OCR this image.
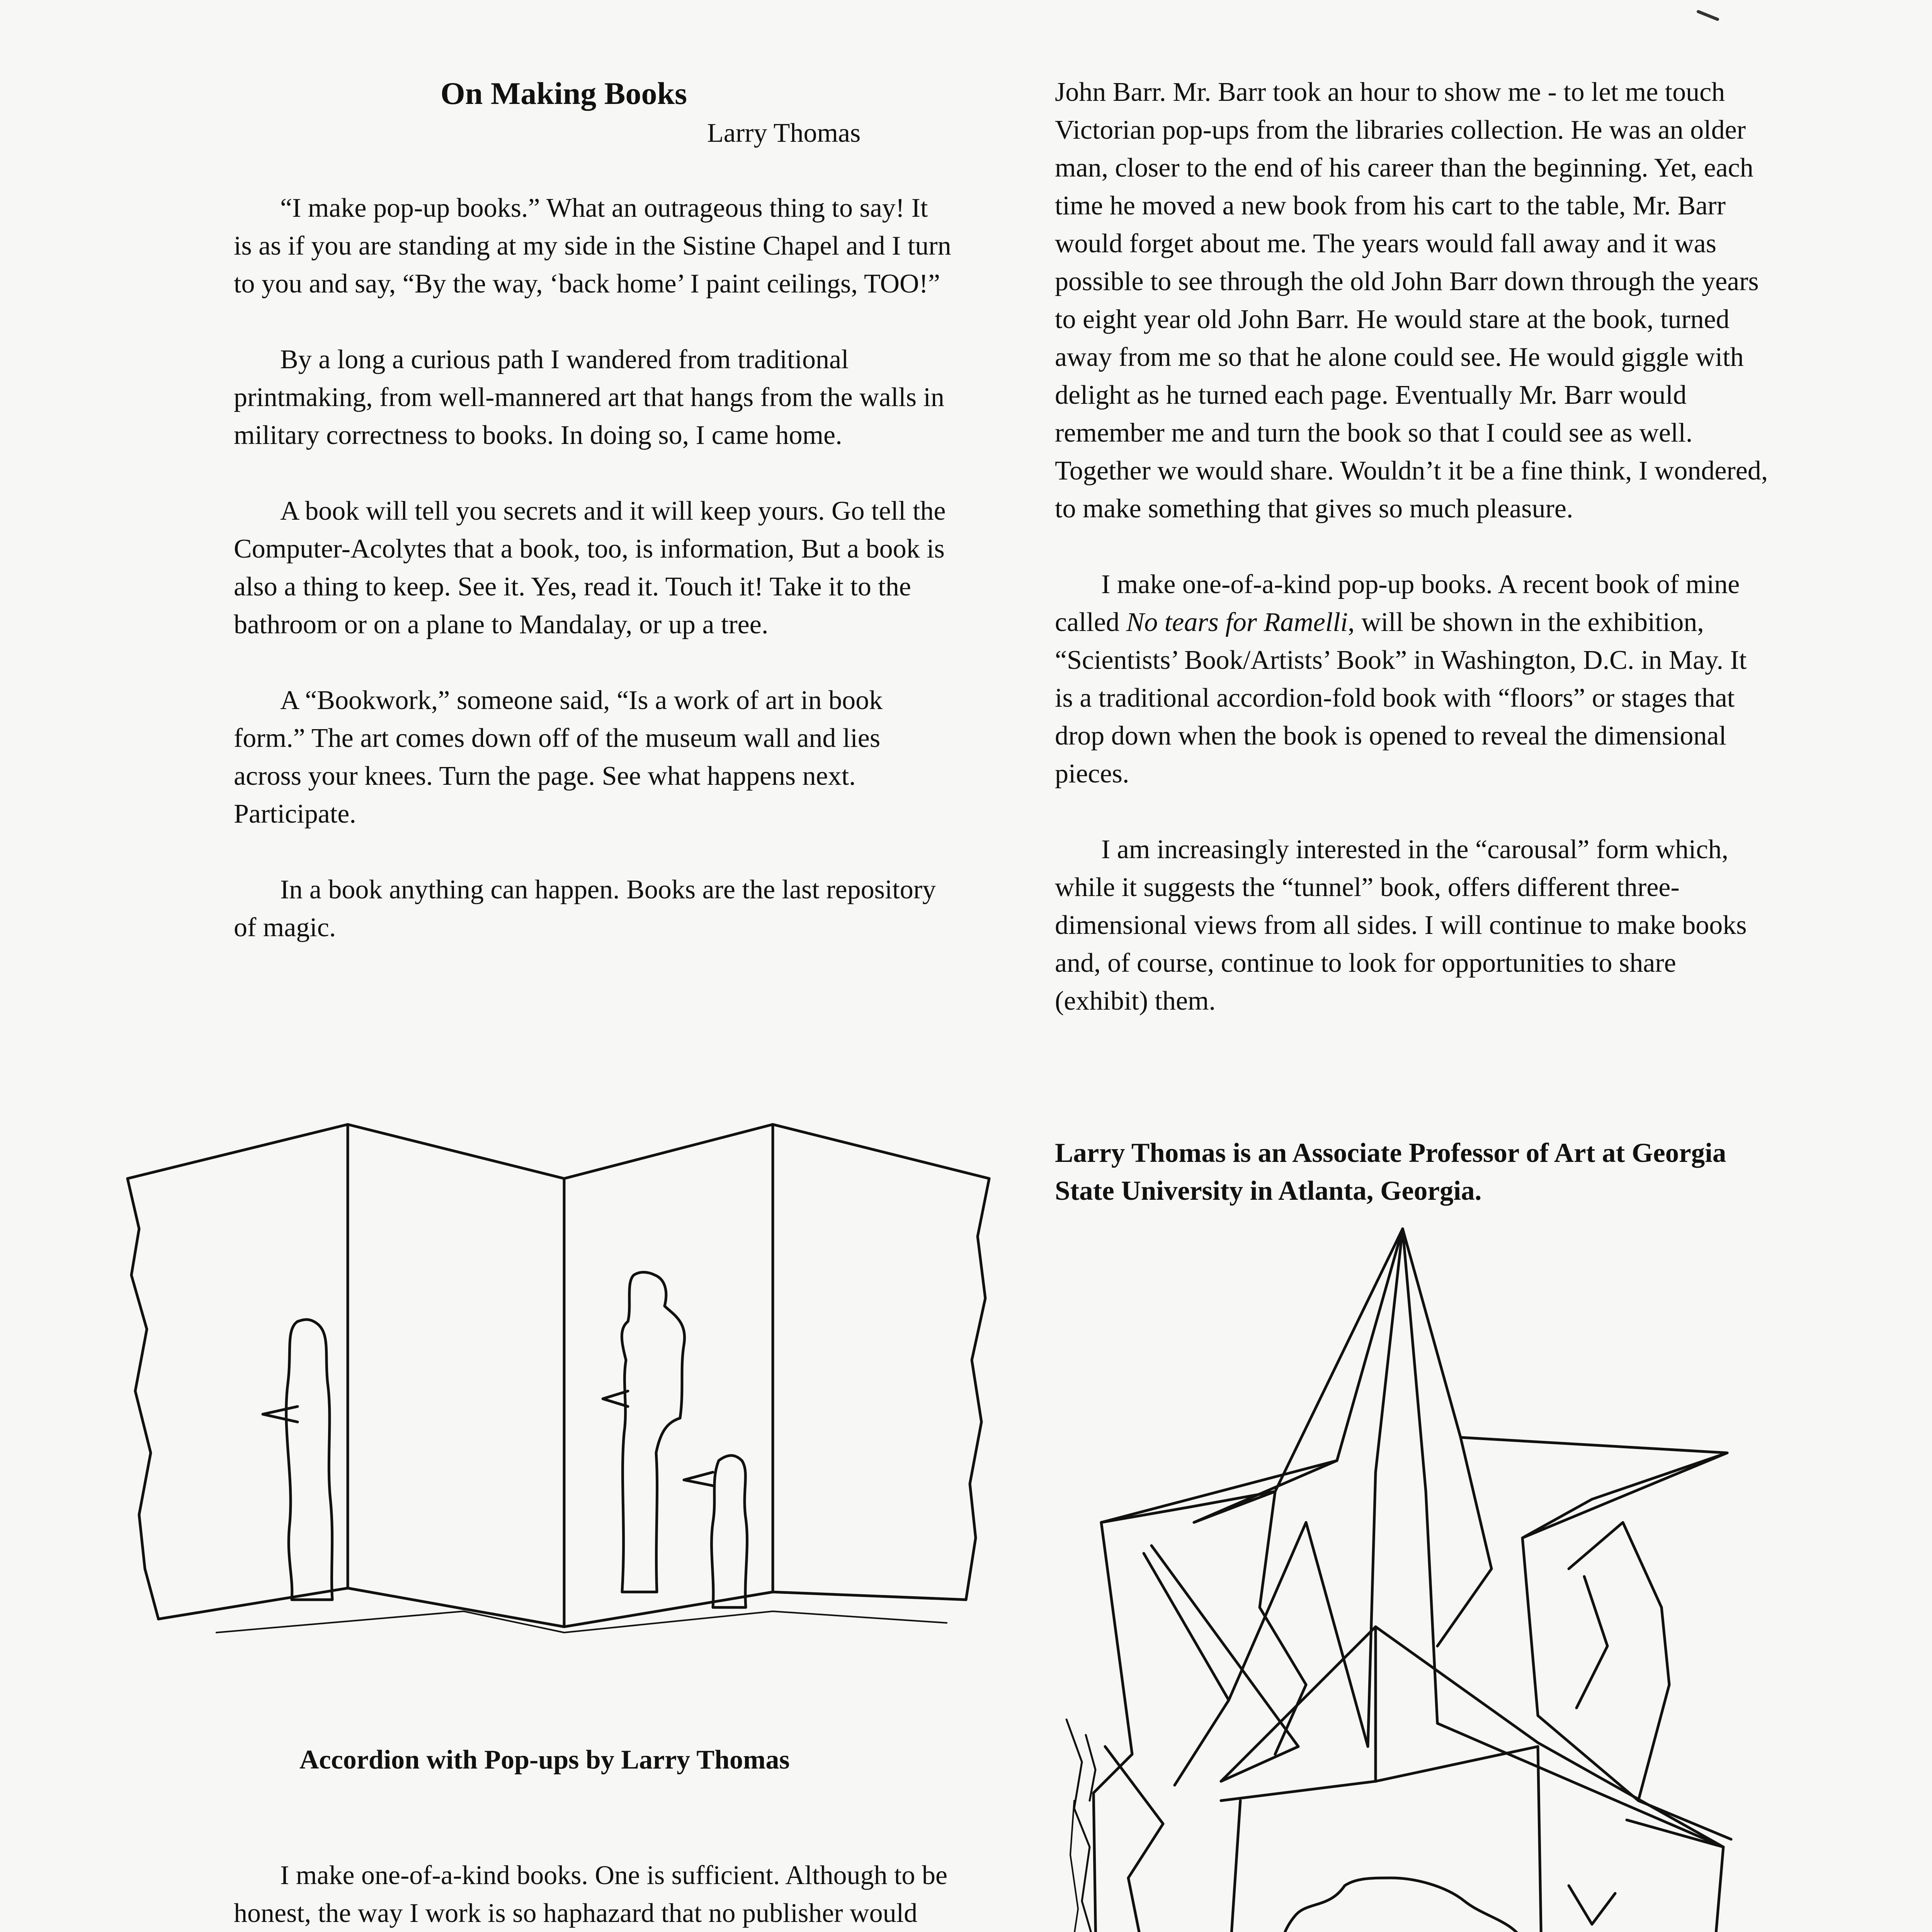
On Making Books
Larry Thomas

“I make pop-up books.” What an outrageous thing to say! It is as if you are standing at my side in the Sistine Chapel and I turn to you and say, “By the way, ‘back home’ I paint ceilings, TOO!”

By a long a curious path I wandered from traditional printmaking, from well-mannered art that hangs from the walls in military correctness to books. In doing so, I came home.

A book will tell you secrets and it will keep yours. Go tell the Computer-Acolytes that a book, too, is information, But a book is also a thing to keep. See it. Yes, read it. Touch it! Take it to the bathroom or on a plane to Mandalay, or up a tree.

A “Bookwork,” someone said, “Is a work of art in book form.” The art comes down off of the museum wall and lies across your knees. Turn the page. See what happens next. Participate.

In a book anything can happen. Books are the last repository of magic.

Accordion with Pop-ups by Larry Thomas

I make one-of-a-kind books. One is sufficient. Although to be honest, the way I work is so haphazard that no publisher would

John Barr. Mr. Barr took an hour to show me - to let me touch Victorian pop-ups from the libraries collection. He was an older man, closer to the end of his career than the beginning. Yet, each time he moved a new book from his cart to the table, Mr. Barr would forget about me. The years would fall away and it was possible to see through the old John Barr down through the years to eight year old John Barr. He would stare at the book, turned away from me so that he alone could see. He would giggle with delight as he turned each page. Eventually Mr. Barr would remember me and turn the book so that I could see as well. Together we would share. Wouldn’t it be a fine think, I wondered, to make something that gives so much pleasure.

I make one-of-a-kind pop-up books. A recent book of mine called No tears for Ramelli, will be shown in the exhibition, “Scientists’ Book/Artists’ Book” in Washington, D.C. in May. It is a traditional accordion-fold book with “floors” or stages that drop down when the book is opened to reveal the dimensional pieces.

I am increasingly interested in the “carousal” form which, while it suggests the “tunnel” book, offers different three-dimensional views from all sides. I will continue to make books and, of course, continue to look for opportunities to share (exhibit) them.

Larry Thomas is an Associate Professor of Art at Georgia State University in Atlanta, Georgia.
